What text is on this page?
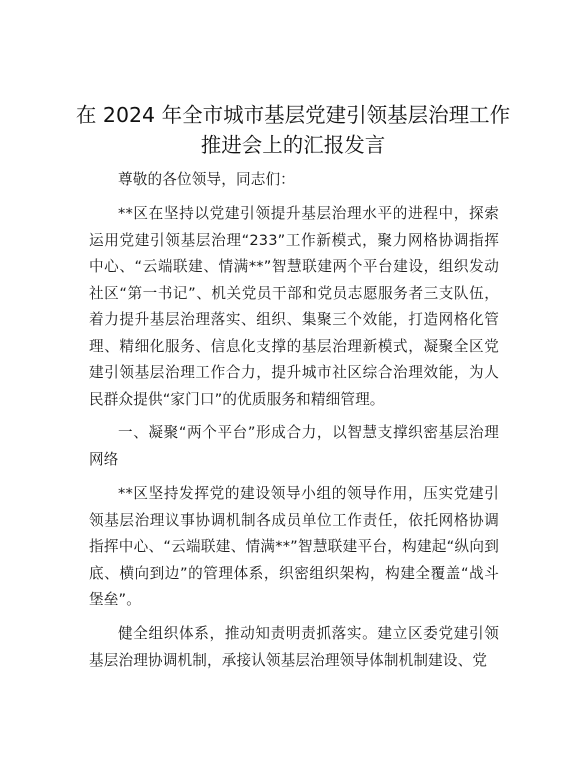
在 2024 年全市城市基层党建引领基层治理工作
推进会上的汇报发言

尊敬的各位领导，同志们：

**区在坚持以党建引领提升基层治理水平的进程中，探索运用党建引领基层治理“233”工作新模式，聚力网格协调指挥中心、“云端联建、情满**”智慧联建两个平台建设，组织发动社区“第一书记”、机关党员干部和党员志愿服务者三支队伍，着力提升基层治理落实、组织、集聚三个效能，打造网格化管理、精细化服务、信息化支撑的基层治理新模式，凝聚全区党建引领基层治理工作合力，提升城市社区综合治理效能，为人民群众提供“家门口”的优质服务和精细管理。

一、凝聚“两个平台”形成合力，以智慧支撑织密基层治理网络

**区坚持发挥党的建设领导小组的领导作用，压实党建引领基层治理议事协调机制各成员单位工作责任，依托网格协调指挥中心、“云端联建、情满**”智慧联建平台，构建起“纵向到底、横向到边”的管理体系，织密组织架构，构建全覆盖“战斗堡垒”。

健全组织体系，推动知责明责抓落实。建立区委党建引领基层治理协调机制，承接认领基层治理领导体制机制建设、党
